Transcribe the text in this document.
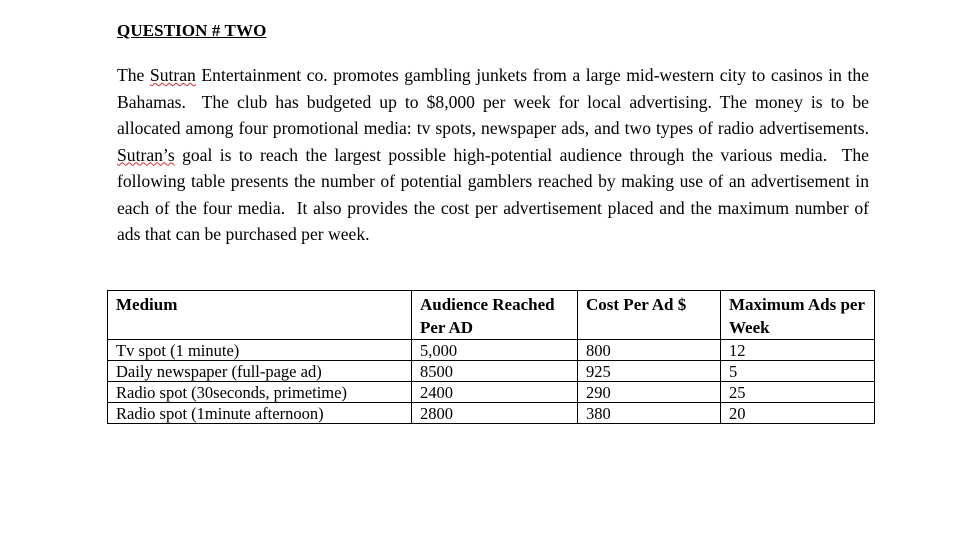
QUESTION # TWO
The Sutran Entertainment co. promotes gambling junkets from a large mid-western city to casinos in the Bahamas.  The club has budgeted up to $8,000 per week for local advertising. The money is to be allocated among four promotional media: tv spots, newspaper ads, and two types of radio advertisements. Sutran’s goal is to reach the largest possible high-potential audience through the various media.  The following table presents the number of potential gamblers reached by making use of an advertisement in each of the four media.  It also provides the cost per advertisement placed and the maximum number of ads that can be purchased per week.
Medium	Audience Reached Per AD	Cost Per Ad $	Maximum Ads per Week
Tv spot (1 minute)	5,000	800	12
Daily newspaper (full-page ad)	8500	925	5
Radio spot (30seconds, primetime)	2400	290	25
Radio spot (1minute afternoon)	2800	380	20
